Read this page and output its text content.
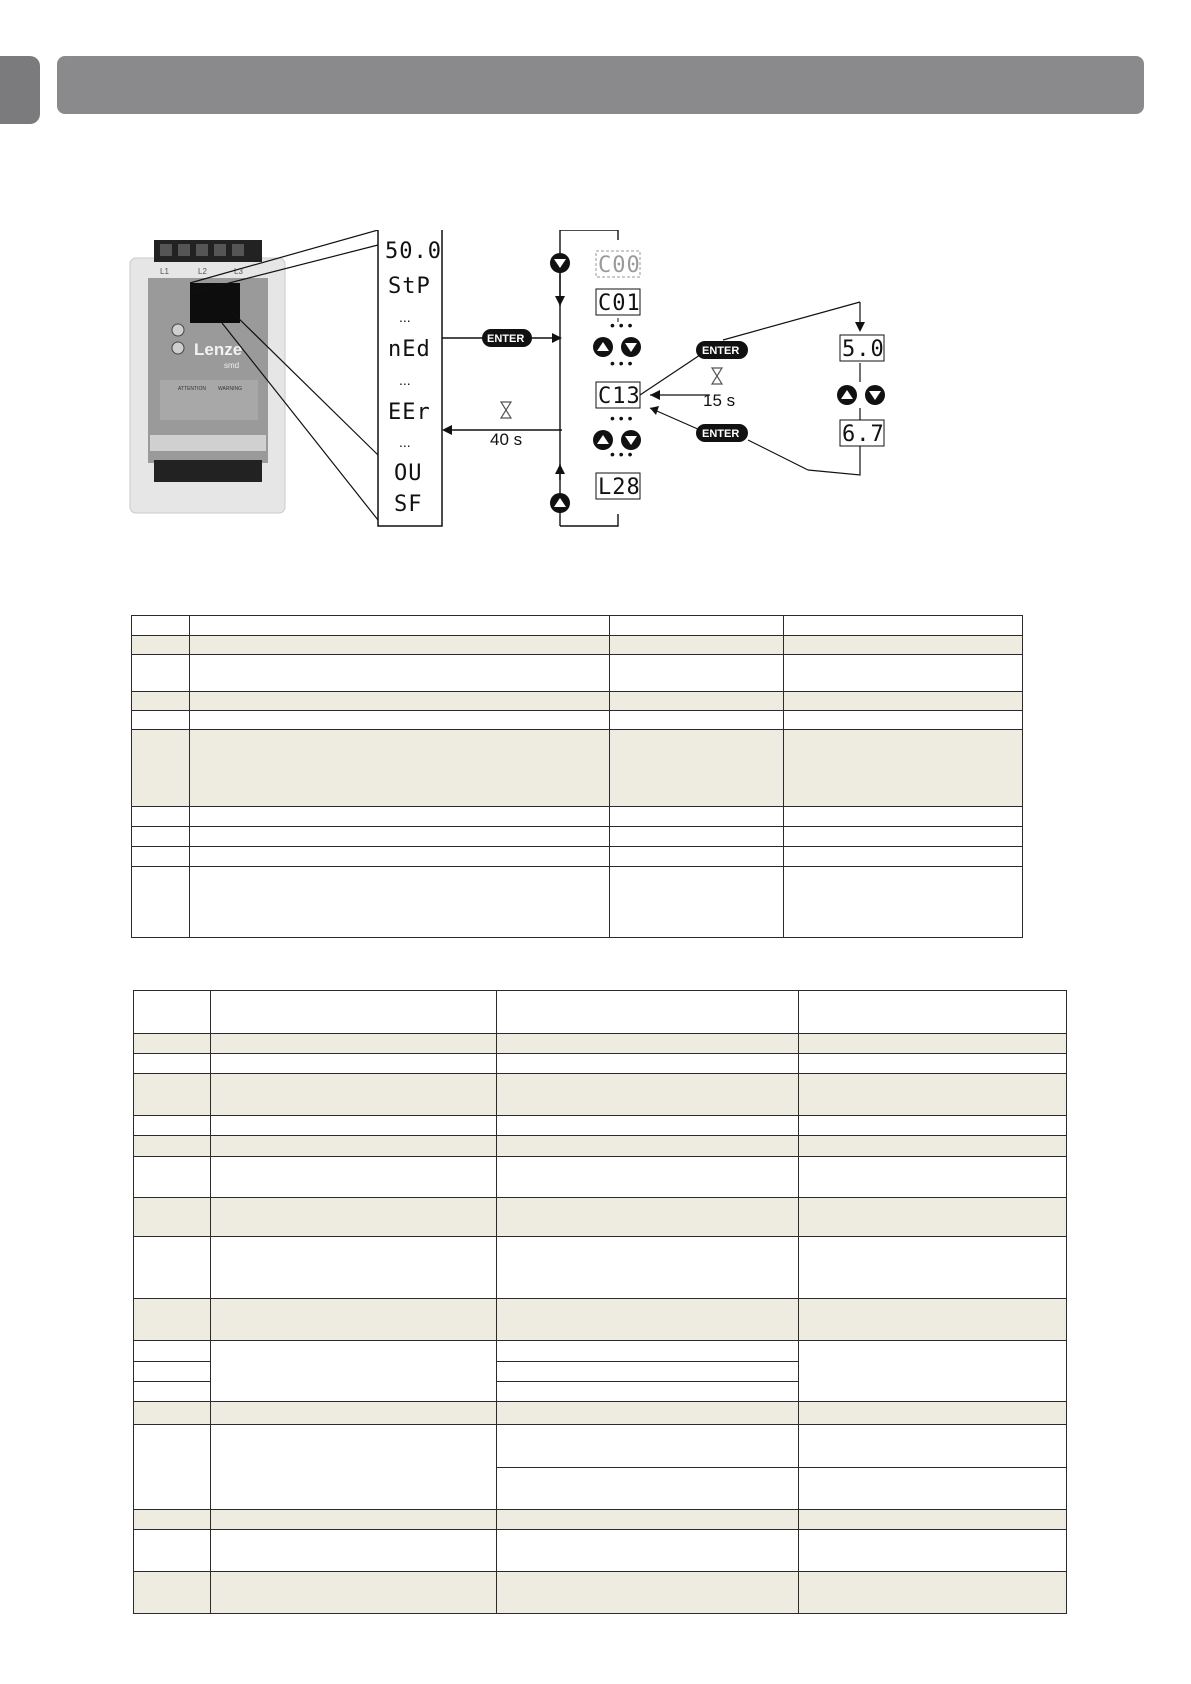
L1	L2	L3
Lenze
smd
ATTENTION WARNING
50.0
StP
...
nEd
...
EEr
...
OU
SF
ENTER
40 s
C00
C01
• • •
• • •
C13
• • •
• • •
L28
ENTER
15 s
ENTER
5.0
6.7
